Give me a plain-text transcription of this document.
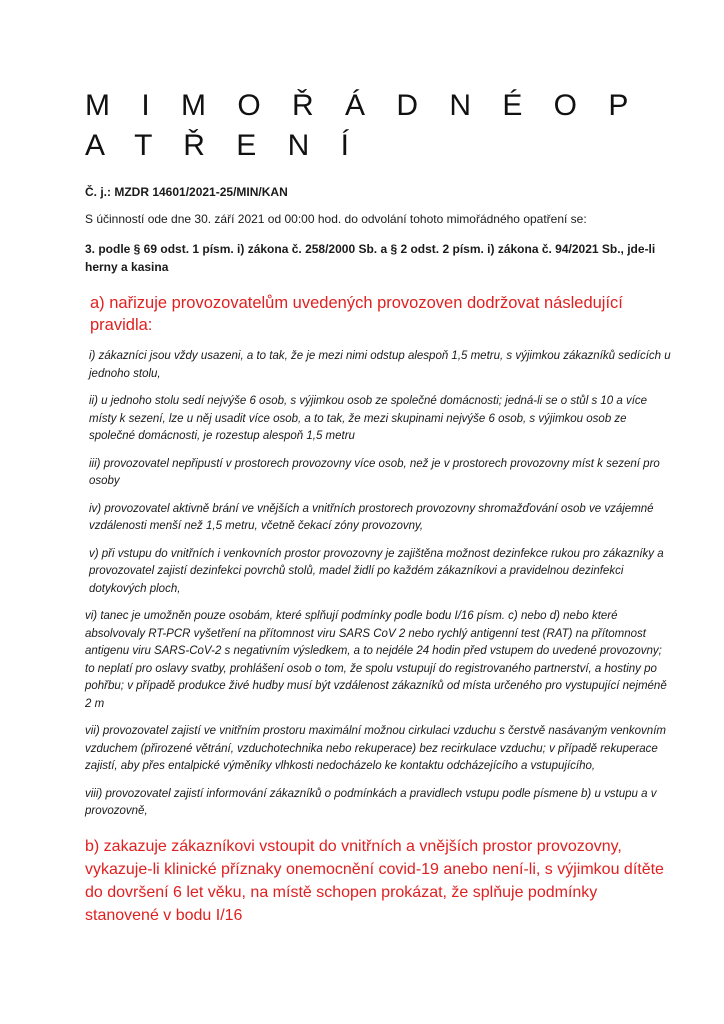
M I M O Ř Á D N É O P A T Ř E N Í

Č. j.: MZDR 14601/2021-25/MIN/KAN

S účinností ode dne 30. září 2021 od 00:00 hod. do odvolání tohoto mimořádného opatření se:

3. podle § 69 odst. 1 písm. i) zákona č. 258/2000 Sb. a § 2 odst. 2 písm. i) zákona č. 94/2021 Sb., jde-li herny a kasina

a) nařizuje provozovatelům uvedených provozoven dodržovat následující pravidla:

i) zákazníci jsou vždy usazeni, a to tak, že je mezi nimi odstup alespoň 1,5 metru, s výjimkou zákazníků sedících u jednoho stolu,

ii) u jednoho stolu sedí nejvýše 6 osob, s výjimkou osob ze společné domácnosti; jedná-li se o stůl s 10 a více místy k sezení, lze u něj usadit více osob, a to tak, že mezi skupinami nejvýše 6 osob, s výjimkou osob ze společné domácnosti, je rozestup alespoň 1,5 metru

iii) provozovatel nepřipustí v prostorech provozovny více osob, než je v prostorech provozovny míst k sezení pro osoby

iv) provozovatel aktivně brání ve vnějších a vnitřních prostorech provozovny shromažďování osob ve vzájemné vzdálenosti menší než 1,5 metru, včetně čekací zóny provozovny,

v) při vstupu do vnitřních i venkovních prostor provozovny je zajištěna možnost dezinfekce rukou pro zákazníky a provozovatel zajistí dezinfekci povrchů stolů, madel židlí po každém zákazníkovi a pravidelnou dezinfekci dotykových ploch,

vi) tanec je umožněn pouze osobám, které splňují podmínky podle bodu I/16 písm. c) nebo d) nebo které absolvovaly RT-PCR vyšetření na přítomnost viru SARS CoV 2 nebo rychlý antigenní test (RAT) na přítomnost antigenu viru SARS-CoV-2 s negativním výsledkem, a to nejdéle 24 hodin před vstupem do uvedené provozovny; to neplatí pro oslavy svatby, prohlášení osob o tom, že spolu vstupují do registrovaného partnerství, a hostiny po pohřbu; v případě produkce živé hudby musí být vzdálenost zákazníků od místa určeného pro vystupující nejméně 2 m

vii) provozovatel zajistí ve vnitřním prostoru maximální možnou cirkulaci vzduchu s čerstvě nasávaným venkovním vzduchem (přirozené větrání, vzduchotechnika nebo rekuperace) bez recirkulace vzduchu; v případě rekuperace zajistí, aby přes entalpické výměníky vlhkosti nedocházelo ke kontaktu odcházejícího a vstupujícího,

viii) provozovatel zajistí informování zákazníků o podmínkách a pravidlech vstupu podle písmene b) u vstupu a v provozovně,

b) zakazuje zákazníkovi vstoupit do vnitřních a vnějších prostor provozovny, vykazuje-li klinické příznaky onemocnění covid-19 anebo není-li, s výjimkou dítěte do dovršení 6 let věku, na místě schopen prokázat, že splňuje podmínky stanovené v bodu I/16
